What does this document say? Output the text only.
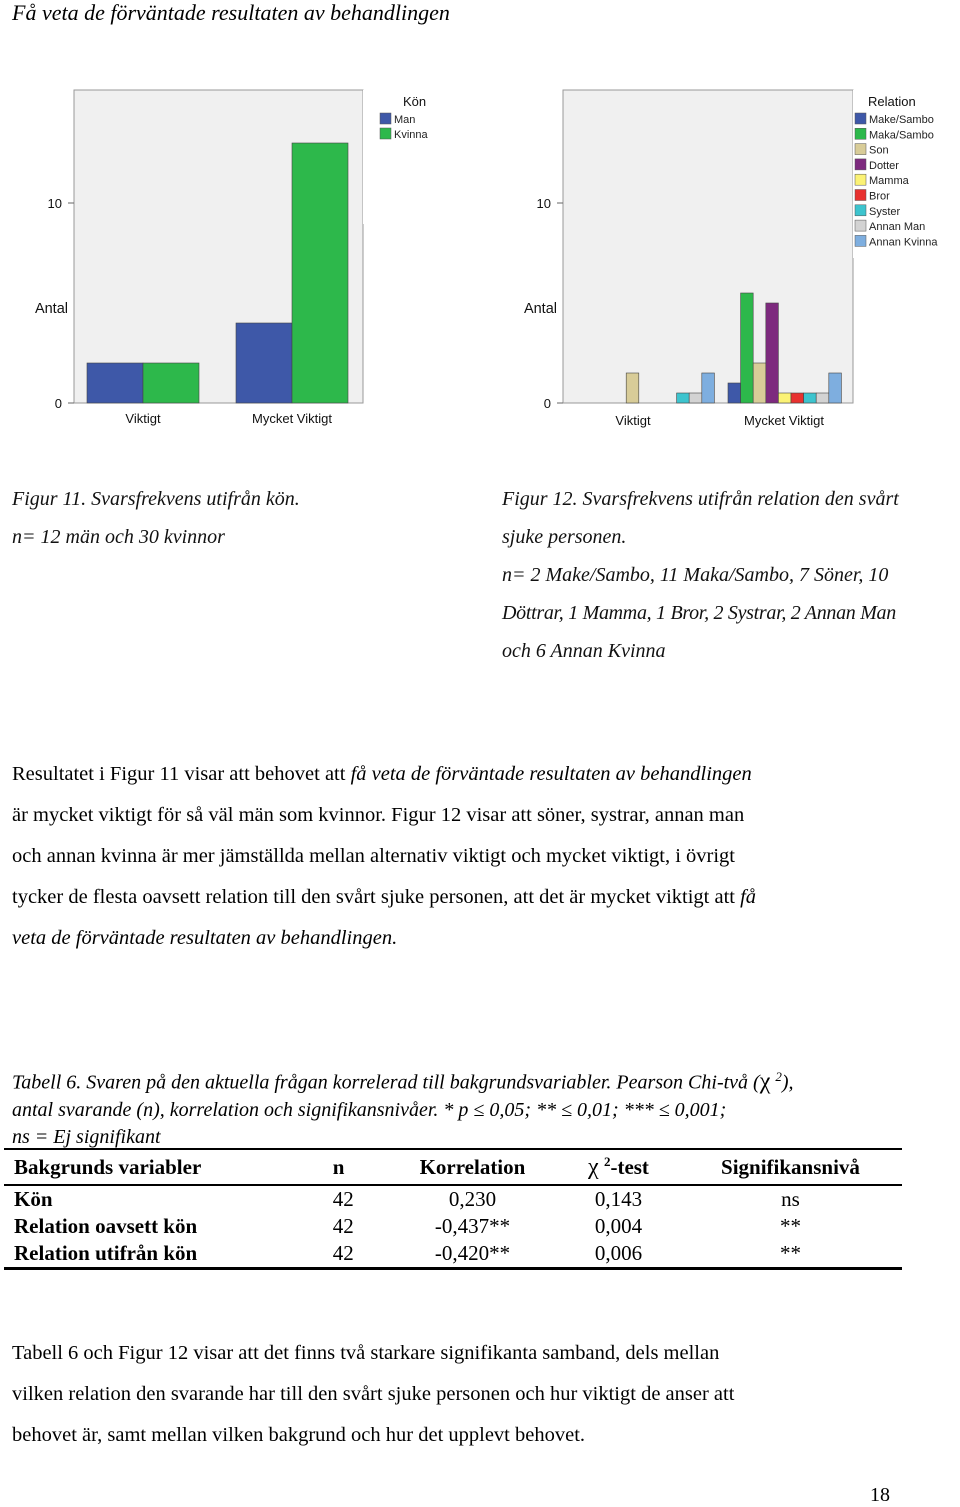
Få veta de förväntade resultaten av behandlingen
0
10
Antal
Viktigt	Mycket Viktigt
Kön
Man
Kvinna
0
10
Antal
Viktigt	Mycket Viktigt
Relation
Make/Sambo
Maka/Sambo
Son
Dotter
Mamma
Bror
Syster
Annan Man
Annan Kvinna
Figur 11. Svarsfrekvens utifrån kön.
n= 12 män och 30 kvinnor
Figur 12. Svarsfrekvens utifrån relation den svårt
sjuke personen.
n= 2 Make/Sambo, 11 Maka/Sambo, 7 Söner, 10
Döttrar, 1 Mamma, 1 Bror, 2 Systrar, 2 Annan Man
och 6 Annan Kvinna

Resultatet i Figur 11 visar att behovet att få veta de förväntade resultaten av behandlingen

är mycket viktigt för så väl män som kvinnor. Figur 12 visar att söner, systrar, annan man

och annan kvinna är mer jämställda mellan alternativ viktigt och mycket viktigt, i övrigt

tycker de flesta oavsett relation till den svårt sjuke personen, att det är mycket viktigt att få

veta de förväntade resultaten av behandlingen.

Tabell 6. Svaren på den aktuella frågan korrelerad till bakgrundsvariabler. Pearson Chi-två (χ $^2$),
antal svarande (n), korrelation och signifikansnivåer. * p ≤ 0,05; ** ≤ 0,01; *** ≤ 0,001;
ns = Ej signifikant
Bakgrunds variabler	n	Korrelation	χ $^2$-test	Signifikansnivå
Kön	42	0,230	0,143	ns
Relation oavsett kön	42	-0,437**	0,004	**
Relation utifrån kön	42	-0,420**	0,006	**

Tabell 6 och Figur 12 visar att det finns två starkare signifikanta samband, dels mellan

vilken relation den svarande har till den svårt sjuke personen och hur viktigt de anser att

behovet är, samt mellan vilken bakgrund och hur det upplevt behovet.

18
